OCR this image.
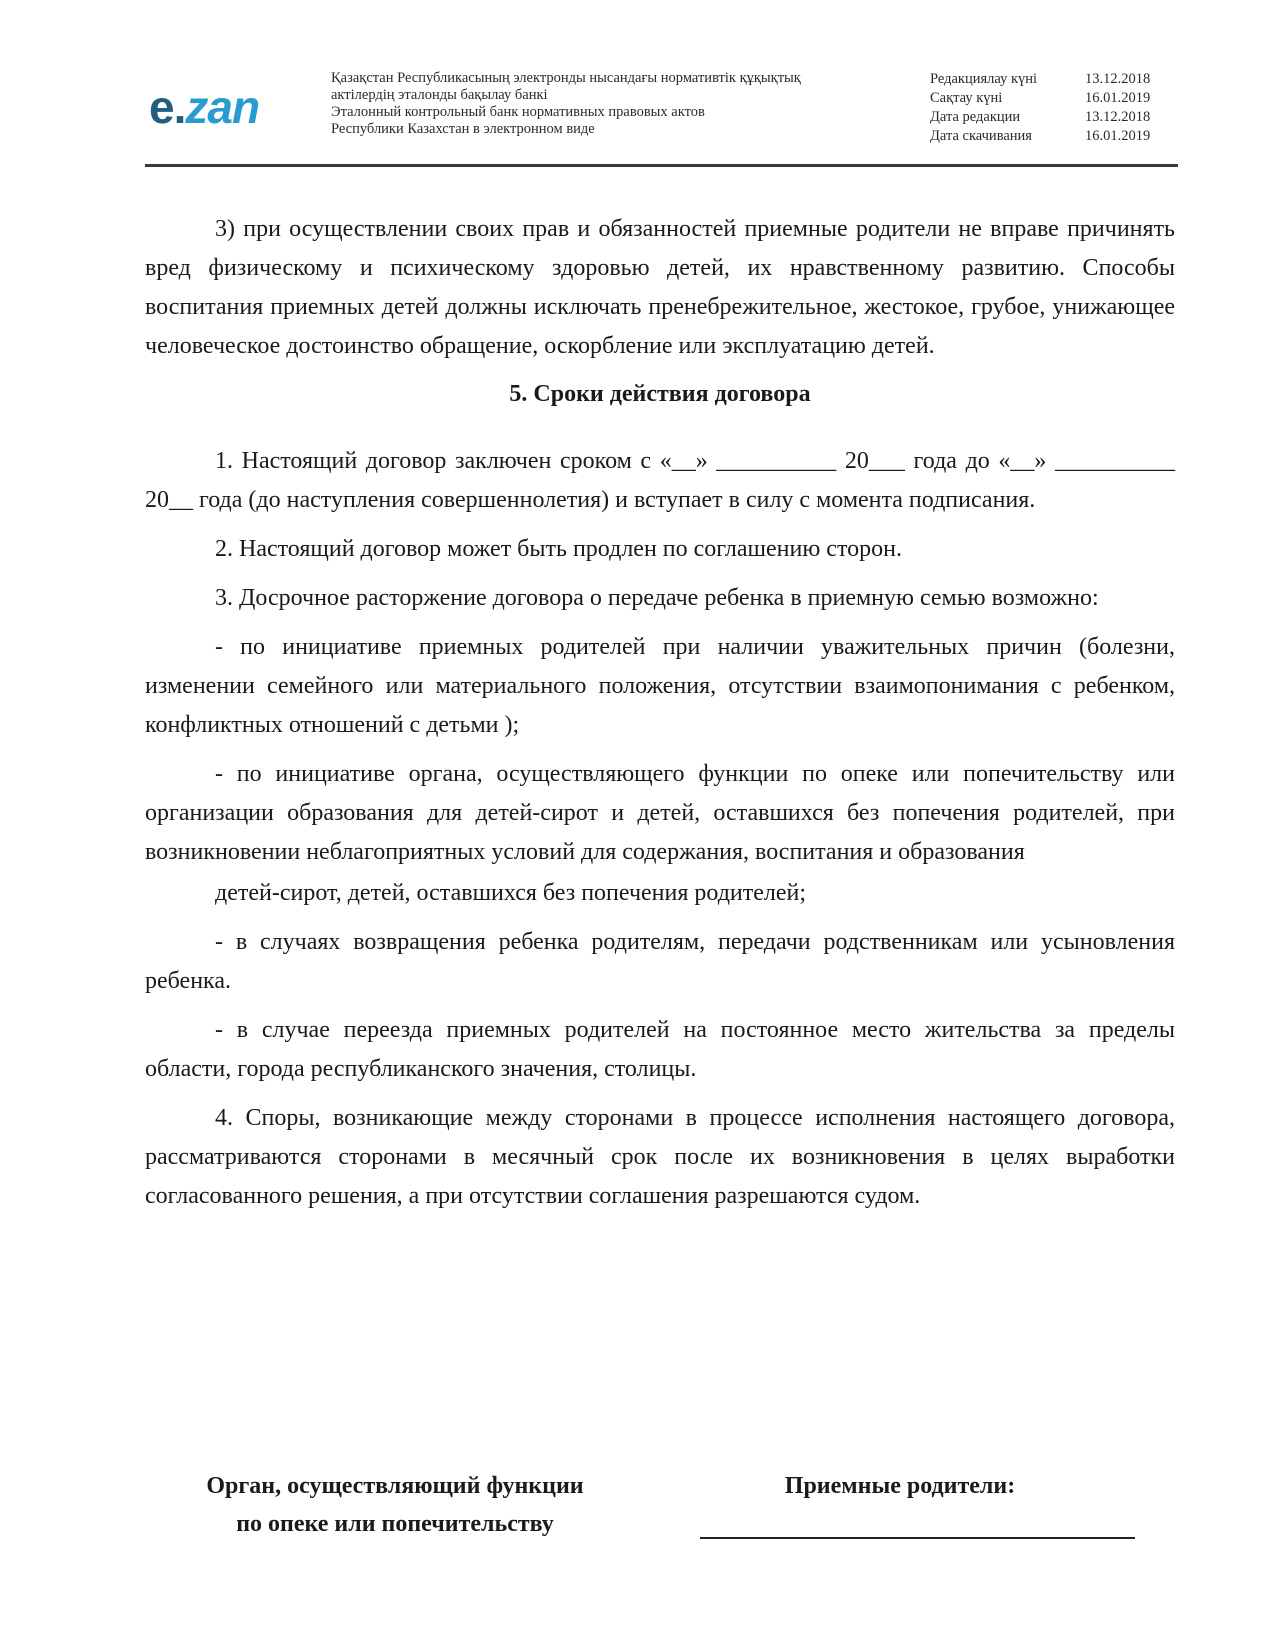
e.zan
Қазақстан Республикасының электронды нысандағы нормативтік құқықтық
актілердің эталонды бақылау банкі
Эталонный контрольный банк нормативных правовых актов
Республики Казахстан в электронном виде
Редакциялау күні	13.12.2018
Сақтау күні	16.01.2019
Дата редакции	13.12.2018
Дата скачивания	16.01.2019

3) при осуществлении своих прав и обязанностей приемные родители не вправе причинять вред физическому и психическому здоровью детей, их нравственному развитию. Способы воспитания приемных детей должны исключать пренебрежительное, жестокое, грубое, унижающее человеческое достоинство обращение, оскорбление или эксплуатацию детей.

5. Сроки действия договора

1. Настоящий договор заключен сроком с «__» __________ 20___ года до «__» __________ 20__ года (до наступления совершеннолетия) и вступает в силу с момента подписания.

2. Настоящий договор может быть продлен по соглашению сторон.

3. Досрочное расторжение договора о передаче ребенка в приемную семью возможно:

- по инициативе приемных родителей при наличии уважительных причин (болезни, изменении семейного или материального положения, отсутствии взаимопонимания с ребенком, конфликтных отношений с детьми );

- по инициативе органа, осуществляющего функции по опеке или попечительству или организации образования для детей-сирот и детей, оставшихся без попечения родителей, при возникновении неблагоприятных условий для содержания, воспитания и образования

детей-сирот, детей, оставшихся без попечения родителей;

- в случаях возвращения ребенка родителям, передачи родственникам или усыновления ребенка.

- в случае переезда приемных родителей на постоянное место жительства за пределы области, города республиканского значения, столицы.

4. Споры, возникающие между сторонами в процессе исполнения настоящего договора, рассматриваются сторонами в месячный срок после их возникновения в целях выработки согласованного решения, а при отсутствии соглашения разрешаются судом.

Орган, осуществляющий функции
по опеке или попечительству
Приемные родители:
